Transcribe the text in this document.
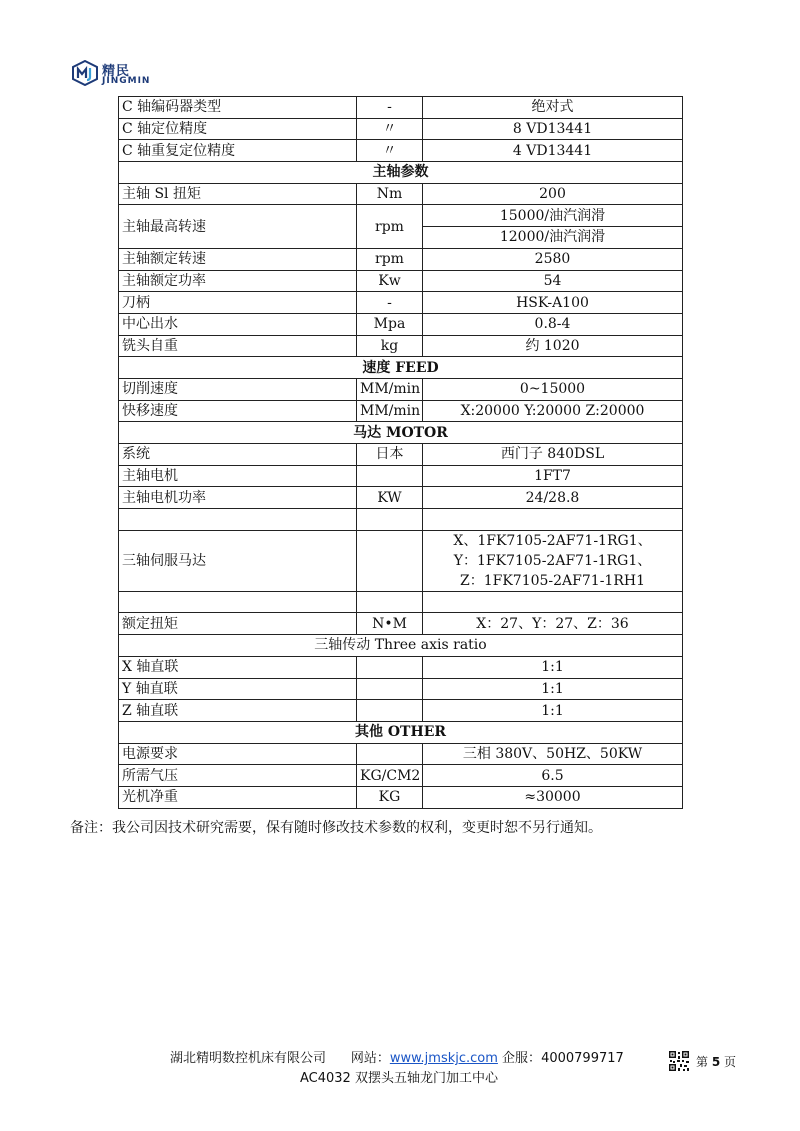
精民
JINGMIN
C 轴编码器类型	-	绝对式
C 轴定位精度	〃	8 VD13441
C 轴重复定位精度	〃	4 VD13441
主轴参数		
主轴 Sl 扭矩	Nm	200
主轴最高转速	rpm	15000/油汽润滑
		12000/油汽润滑
主轴额定转速	rpm	2580
主轴额定功率	Kw	54
刀柄	-	HSK-A100
中心出水	Mpa	0.8-4
铣头自重	kg	约 1020
速度 FEED		
切削速度	MM/min	0~15000
快移速度	MM/min	X:20000 Y:20000 Z:20000
马达 MOTOR		
系统	日本	西门子 840DSL
主轴电机		1FT7
主轴电机功率	KW	24/28.8

三轴伺服马达		X、1FK7105-2AF71-1RG1、
Y：1FK7105-2AF71-1RG1、
Z：1FK7105-2AF71-1RH1

额定扭矩	N•M	X：27、Y：27、Z：36
三轴传动 Three axis ratio		
X 轴直联		1:1
Y 轴直联		1:1
Z 轴直联		1:1
其他 OTHER		
电源要求		三相 380V、50HZ、50KW
所需气压	KG/CM2	6.5
光机净重	KG	≈30000
备注：我公司因技术研究需要，保有随时修改技术参数的权利，变更时恕不另行通知。
湖北精明数控机床有限公司 网站：www.jmskjc.com 企服：4000799717	第 5 页
AC4032 双摆头五轴龙门加工中心
